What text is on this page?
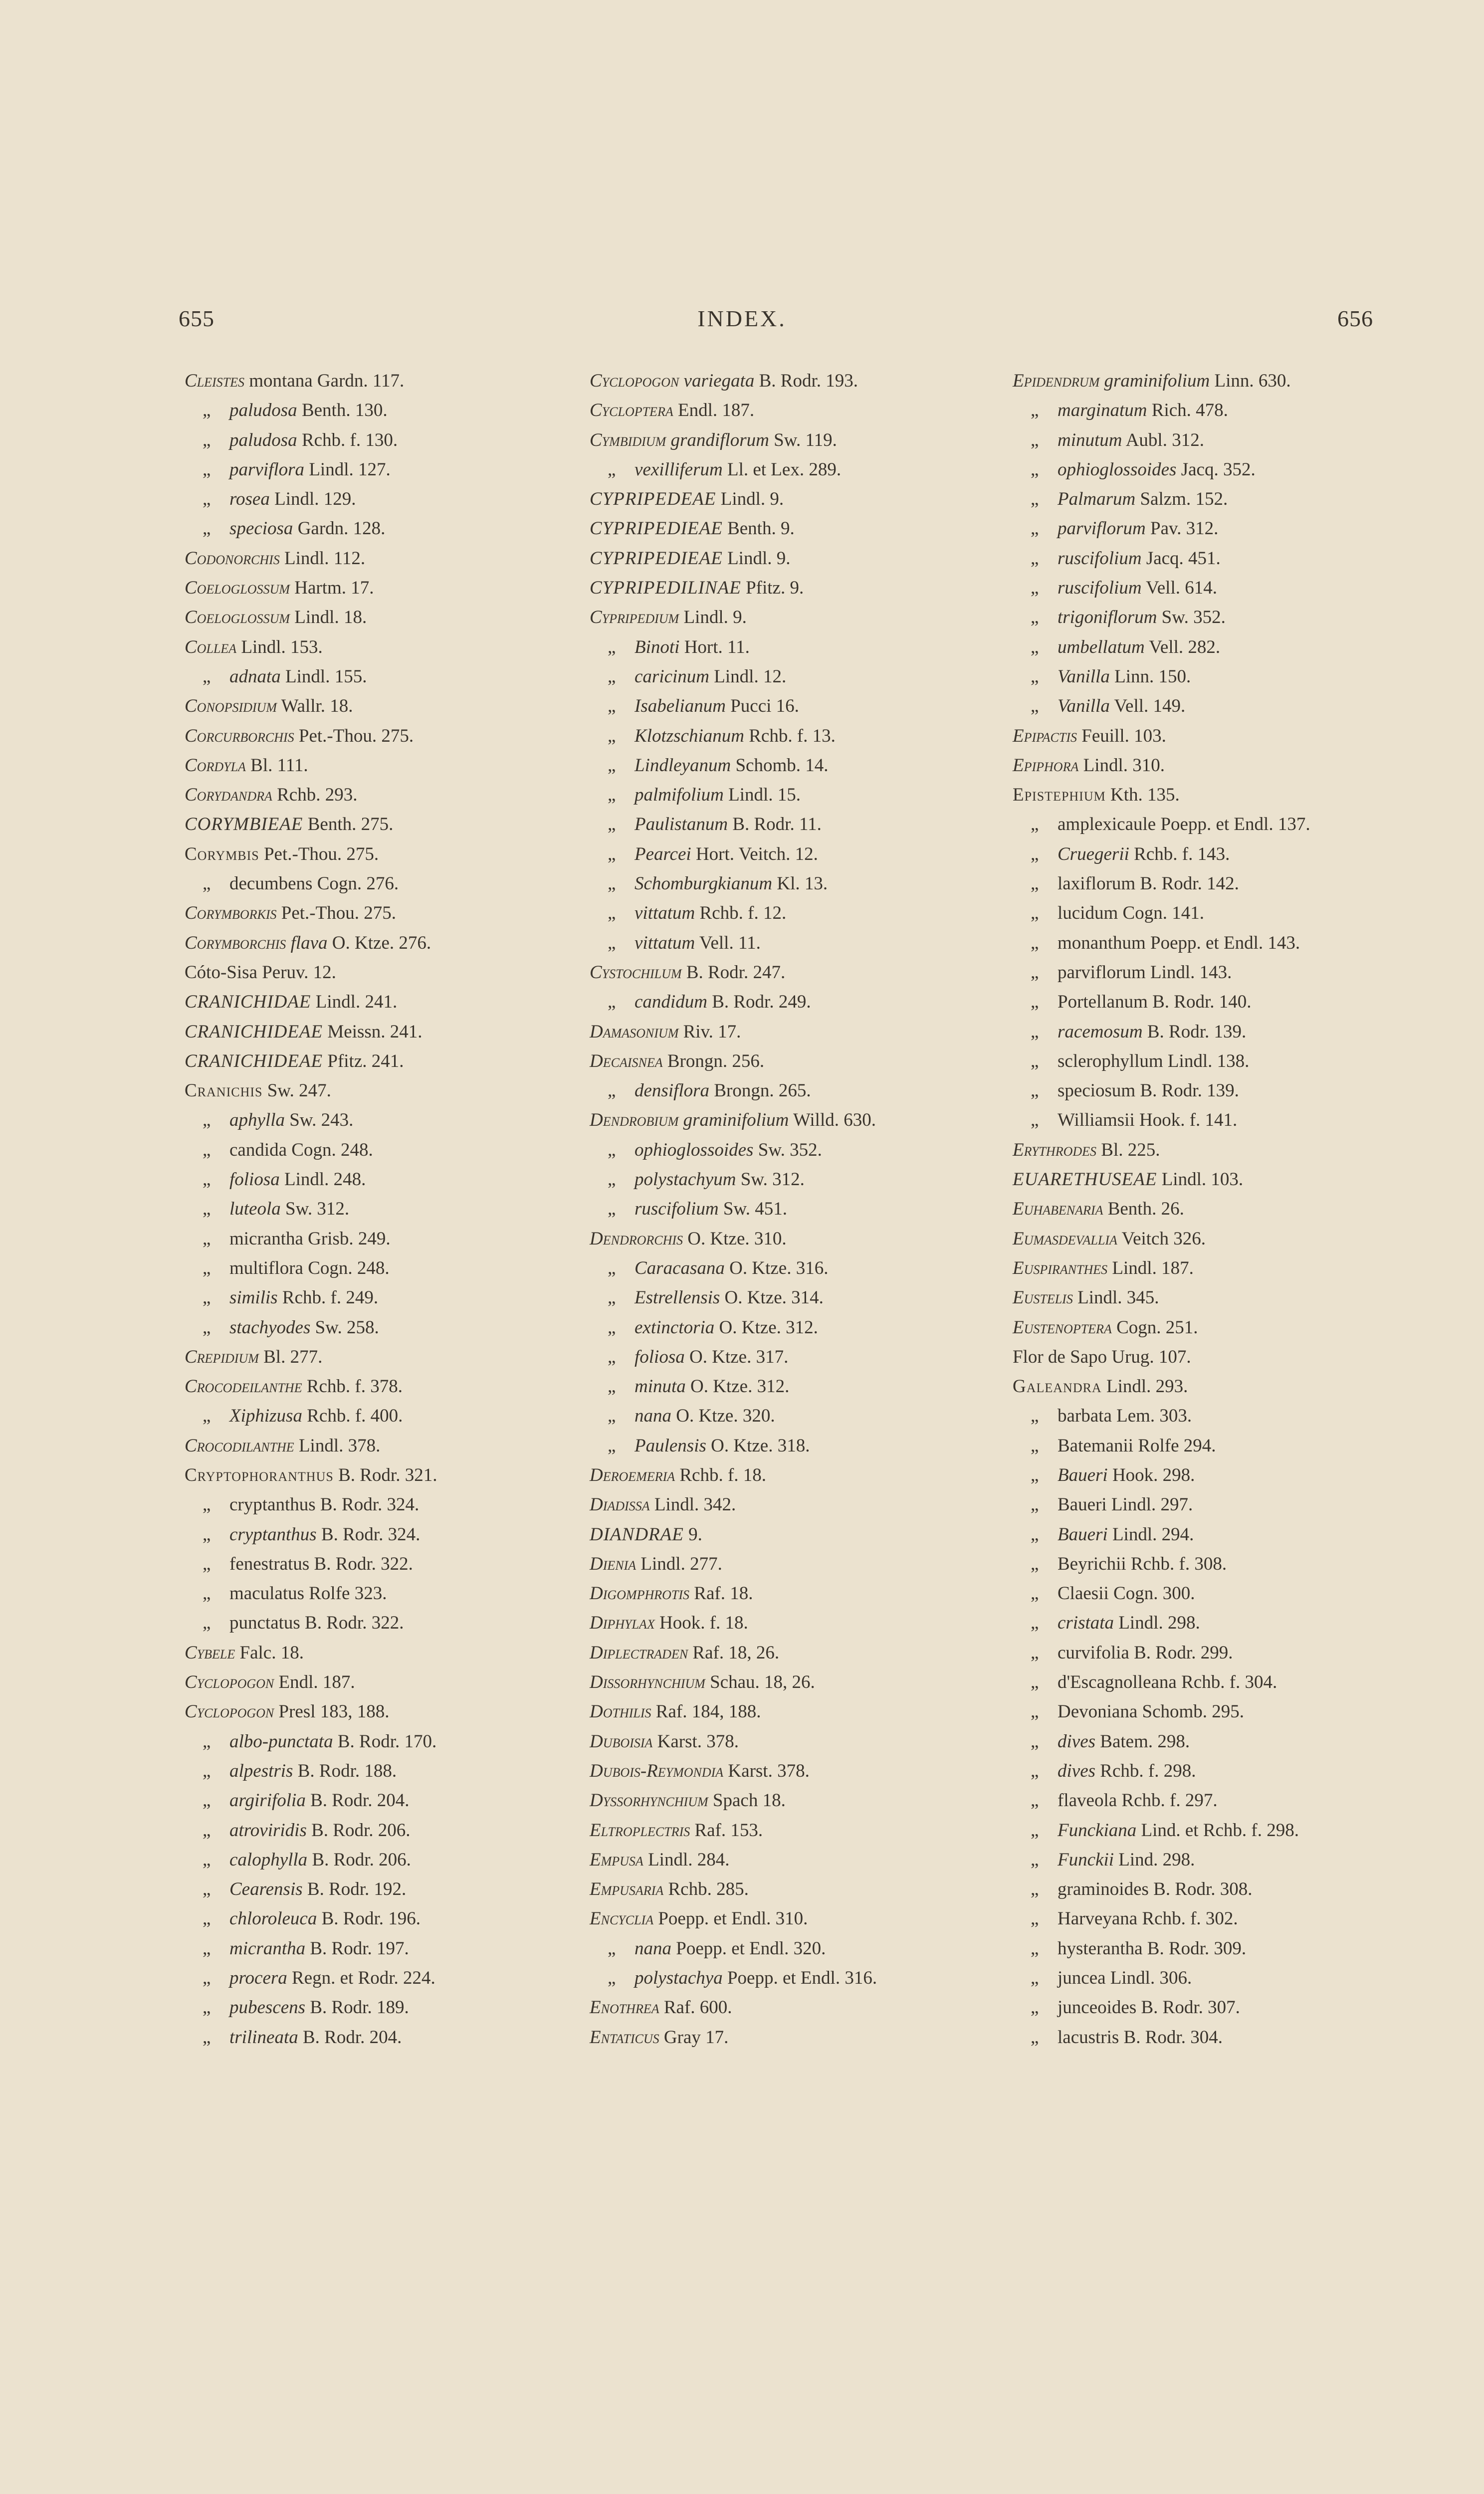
655	INDEX.	656
Cleistes montana Gardn. 117.
„ paludosa Benth. 130.
„ paludosa Rchb. f. 130.
„ parviflora Lindl. 127.
„ rosea Lindl. 129.
„ speciosa Gardn. 128.
Codonorchis Lindl. 112.
Coeloglossum Hartm. 17.
Coeloglossum Lindl. 18.
Collea Lindl. 153.
„ adnata Lindl. 155.
Conopsidium Wallr. 18.
Corcurborchis Pet.-Thou. 275.
Cordyla Bl. 111.
Corydandra Rchb. 293.
CORYMBIEAE Benth. 275.
Corymbis Pet.-Thou. 275.
„ decumbens Cogn. 276.
Corymborkis Pet.-Thou. 275.
Corymborchis flava O. Ktze. 276.
Cóto-Sisa Peruv. 12.
CRANICHIDAE Lindl. 241.
CRANICHIDEAE Meissn. 241.
CRANICHIDEAE Pfitz. 241.
Cranichis Sw. 247.
„ aphylla Sw. 243.
„ candida Cogn. 248.
„ foliosa Lindl. 248.
„ luteola Sw. 312.
„ micrantha Grisb. 249.
„ multiflora Cogn. 248.
„ similis Rchb. f. 249.
„ stachyodes Sw. 258.
Crepidium Bl. 277.
Crocodeilanthe Rchb. f. 378.
„ Xiphizusa Rchb. f. 400.
Crocodilanthe Lindl. 378.
Cryptophoranthus B. Rodr. 321.
„ cryptanthus B. Rodr. 324.
„ cryptanthus B. Rodr. 324.
„ fenestratus B. Rodr. 322.
„ maculatus Rolfe 323.
„ punctatus B. Rodr. 322.
Cybele Falc. 18.
Cyclopogon Endl. 187.
Cyclopogon Presl 183, 188.
„ albo-punctata B. Rodr. 170.
„ alpestris B. Rodr. 188.
„ argirifolia B. Rodr. 204.
„ atroviridis B. Rodr. 206.
„ calophylla B. Rodr. 206.
„ Cearensis B. Rodr. 192.
„ chloroleuca B. Rodr. 196.
„ micrantha B. Rodr. 197.
„ procera Regn. et Rodr. 224.
„ pubescens B. Rodr. 189.
„ trilineata B. Rodr. 204.
Cyclopogon variegata B. Rodr. 193.
Cycloptera Endl. 187.
Cymbidium grandiflorum Sw. 119.
„ vexilliferum Ll. et Lex. 289.
CYPRIPEDEAE Lindl. 9.
CYPRIPEDIEAE Benth. 9.
CYPRIPEDIEAE Lindl. 9.
CYPRIPEDILINAE Pfitz. 9.
Cypripedium Lindl. 9.
„ Binoti Hort. 11.
„ caricinum Lindl. 12.
„ Isabelianum Pucci 16.
„ Klotzschianum Rchb. f. 13.
„ Lindleyanum Schomb. 14.
„ palmifolium Lindl. 15.
„ Paulistanum B. Rodr. 11.
„ Pearcei Hort. Veitch. 12.
„ Schomburgkianum Kl. 13.
„ vittatum Rchb. f. 12.
„ vittatum Vell. 11.
Cystochilum B. Rodr. 247.
„ candidum B. Rodr. 249.
Damasonium Riv. 17.
Decaisnea Brongn. 256.
„ densiflora Brongn. 265.
Dendrobium graminifolium Willd. 630.
„ ophioglossoides Sw. 352.
„ polystachyum Sw. 312.
„ ruscifolium Sw. 451.
Dendrorchis O. Ktze. 310.
„ Caracasana O. Ktze. 316.
„ Estrellensis O. Ktze. 314.
„ extinctoria O. Ktze. 312.
„ foliosa O. Ktze. 317.
„ minuta O. Ktze. 312.
„ nana O. Ktze. 320.
„ Paulensis O. Ktze. 318.
Deroemeria Rchb. f. 18.
Diadissa Lindl. 342.
DIANDRAE 9.
Dienia Lindl. 277.
Digomphrotis Raf. 18.
Diphylax Hook. f. 18.
Diplectraden Raf. 18, 26.
Dissorhynchium Schau. 18, 26.
Dothilis Raf. 184, 188.
Duboisia Karst. 378.
Dubois-Reymondia Karst. 378.
Dyssorhynchium Spach 18.
Eltroplectris Raf. 153.
Empusa Lindl. 284.
Empusaria Rchb. 285.
Encyclia Poepp. et Endl. 310.
„ nana Poepp. et Endl. 320.
„ polystachya Poepp. et Endl. 316.
Enothrea Raf. 600.
Entaticus Gray 17.
Epidendrum graminifolium Linn. 630.
„ marginatum Rich. 478.
„ minutum Aubl. 312.
„ ophioglossoides Jacq. 352.
„ Palmarum Salzm. 152.
„ parviflorum Pav. 312.
„ ruscifolium Jacq. 451.
„ ruscifolium Vell. 614.
„ trigoniflorum Sw. 352.
„ umbellatum Vell. 282.
„ Vanilla Linn. 150.
„ Vanilla Vell. 149.
Epipactis Feuill. 103.
Epiphora Lindl. 310.
Epistephium Kth. 135.
„ amplexicaule Poepp. et Endl. 137.
„ Cruegerii Rchb. f. 143.
„ laxiflorum B. Rodr. 142.
„ lucidum Cogn. 141.
„ monanthum Poepp. et Endl. 143.
„ parviflorum Lindl. 143.
„ Portellanum B. Rodr. 140.
„ racemosum B. Rodr. 139.
„ sclerophyllum Lindl. 138.
„ speciosum B. Rodr. 139.
„ Williamsii Hook. f. 141.
Erythrodes Bl. 225.
EUARETHUSEAE Lindl. 103.
Euhabenaria Benth. 26.
Eumasdevallia Veitch 326.
Euspiranthes Lindl. 187.
Eustelis Lindl. 345.
Eustenoptera Cogn. 251.
Flor de Sapo Urug. 107.
Galeandra Lindl. 293.
„ barbata Lem. 303.
„ Batemanii Rolfe 294.
„ Baueri Hook. 298.
„ Baueri Lindl. 297.
„ Baueri Lindl. 294.
„ Beyrichii Rchb. f. 308.
„ Claesii Cogn. 300.
„ cristata Lindl. 298.
„ curvifolia B. Rodr. 299.
„ d'Escagnolleana Rchb. f. 304.
„ Devoniana Schomb. 295.
„ dives Batem. 298.
„ dives Rchb. f. 298.
„ flaveola Rchb. f. 297.
„ Funckiana Lind. et Rchb. f. 298.
„ Funckii Lind. 298.
„ graminoides B. Rodr. 308.
„ Harveyana Rchb. f. 302.
„ hysterantha B. Rodr. 309.
„ juncea Lindl. 306.
„ junceoides B. Rodr. 307.
„ lacustris B. Rodr. 304.
